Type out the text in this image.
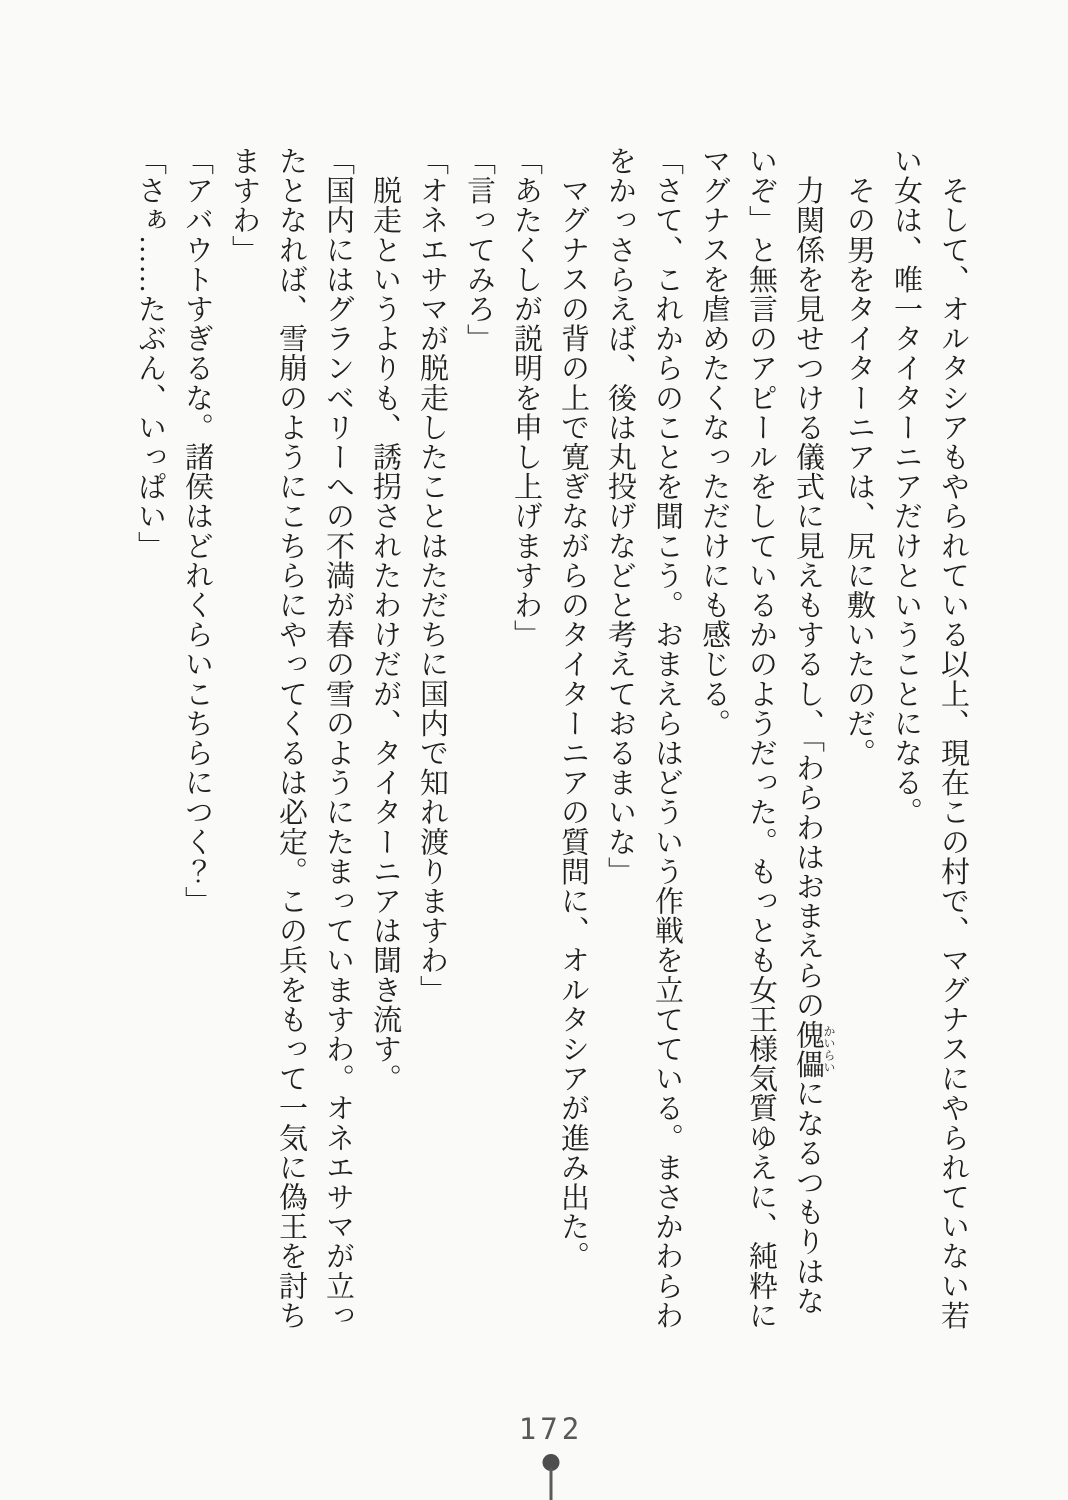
　そして、オルタシアもやられている以上、現在この村で、マグナスにやられていない若
い女は、唯一タイターニアだけということになる。
　その男をタイターニアは、尻に敷いたのだ。
　力関係を見せつける儀式に見えもするし、「わらわはおまえらの傀儡かいらいになるつもりはな
いぞ」と無言のアピールをしているかのようだった。もっとも女王様気質ゆえに、純粋に
マグナスを虐めたくなっただけにも感じる。
「さて、これからのことを聞こう。おまえらはどういう作戦を立てている。まさかわらわ
をかっさらえば、後は丸投げなどと考えておるまいな」
　マグナスの背の上で寛ぎながらのタイターニアの質問に、オルタシアが進み出た。
「あたくしが説明を申し上げますわ」
「言ってみろ」
「オネエサマが脱走したことはただちに国内で知れ渡りますわ」
　脱走というよりも、誘拐されたわけだが、タイターニアは聞き流す。
「国内にはグランベリーへの不満が春の雪のようにたまっていますわ。オネエサマが立っ
たとなれば、雪崩のようにこちらにやってくるは必定。この兵をもって一気に偽王を討ち
ますわ」
「アバウトすぎるな。諸侯はどれくらいこちらにつく？」
「さぁ……たぶん、いっぱい」
172
